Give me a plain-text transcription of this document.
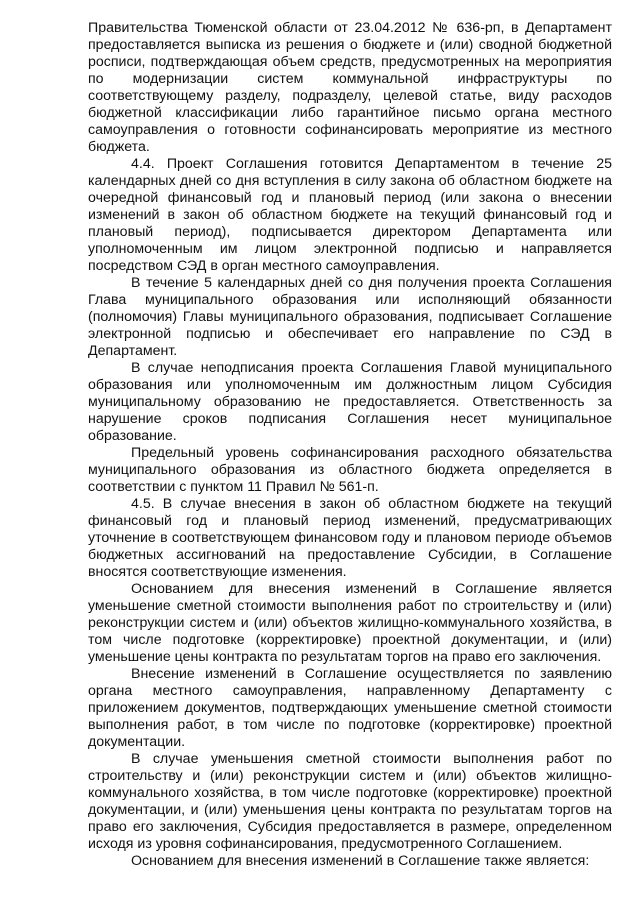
Правительства Тюменской области от 23.04.2012 № 636-рп, в Департамент предоставляется выписка из решения о бюджете и (или) сводной бюджетной росписи, подтверждающая объем средств, предусмотренных на мероприятия по модернизации систем коммунальной инфраструктуры по соответствующему разделу, подразделу, целевой статье, виду расходов бюджетной классификации либо гарантийное письмо органа местного самоуправления о готовности софинансировать мероприятие из местного бюджета.

4.4. Проект Соглашения готовится Департаментом в течение 25 календарных дней со дня вступления в силу закона об областном бюджете на очередной финансовый год и плановый период (или закона о внесении изменений в закон об областном бюджете на текущий финансовый год и плановый период), подписывается директором Департамента или уполномоченным им лицом электронной подписью и направляется посредством СЭД в орган местного самоуправления.

В течение 5 календарных дней со дня получения проекта Соглашения Глава муниципального образования или исполняющий обязанности (полномочия) Главы муниципального образования, подписывает Соглашение электронной подписью и обеспечивает его направление по СЭД в Департамент.

В случае неподписания проекта Соглашения Главой муниципального образования или уполномоченным им должностным лицом Субсидия муниципальному образованию не предоставляется. Ответственность за нарушение сроков подписания Соглашения несет муниципальное образование.

Предельный уровень софинансирования расходного обязательства муниципального образования из областного бюджета определяется в соответствии с пунктом 11 Правил № 561-п.

4.5. В случае внесения в закон об областном бюджете на текущий финансовый год и плановый период изменений, предусматривающих уточнение в соответствующем финансовом году и плановом периоде объемов бюджетных ассигнований на предоставление Субсидии, в Соглашение вносятся соответствующие изменения.

Основанием для внесения изменений в Соглашение является уменьшение сметной стоимости выполнения работ по строительству и (или) реконструкции систем и (или) объектов жилищно-коммунального хозяйства, в том числе подготовке (корректировке) проектной документации, и (или) уменьшение цены контракта по результатам торгов на право его заключения.

Внесение изменений в Соглашение осуществляется по заявлению органа местного самоуправления, направленному Департаменту с приложением документов, подтверждающих уменьшение сметной стоимости выполнения работ, в том числе по подготовке (корректировке) проектной документации.

В случае уменьшения сметной стоимости выполнения работ по строительству и (или) реконструкции систем и (или) объектов жилищно-коммунального хозяйства, в том числе подготовке (корректировке) проектной документации, и (или) уменьшения цены контракта по результатам торгов на право его заключения, Субсидия предоставляется в размере, определенном исходя из уровня софинансирования, предусмотренного Соглашением.

Основанием для внесения изменений в Соглашение также является:
